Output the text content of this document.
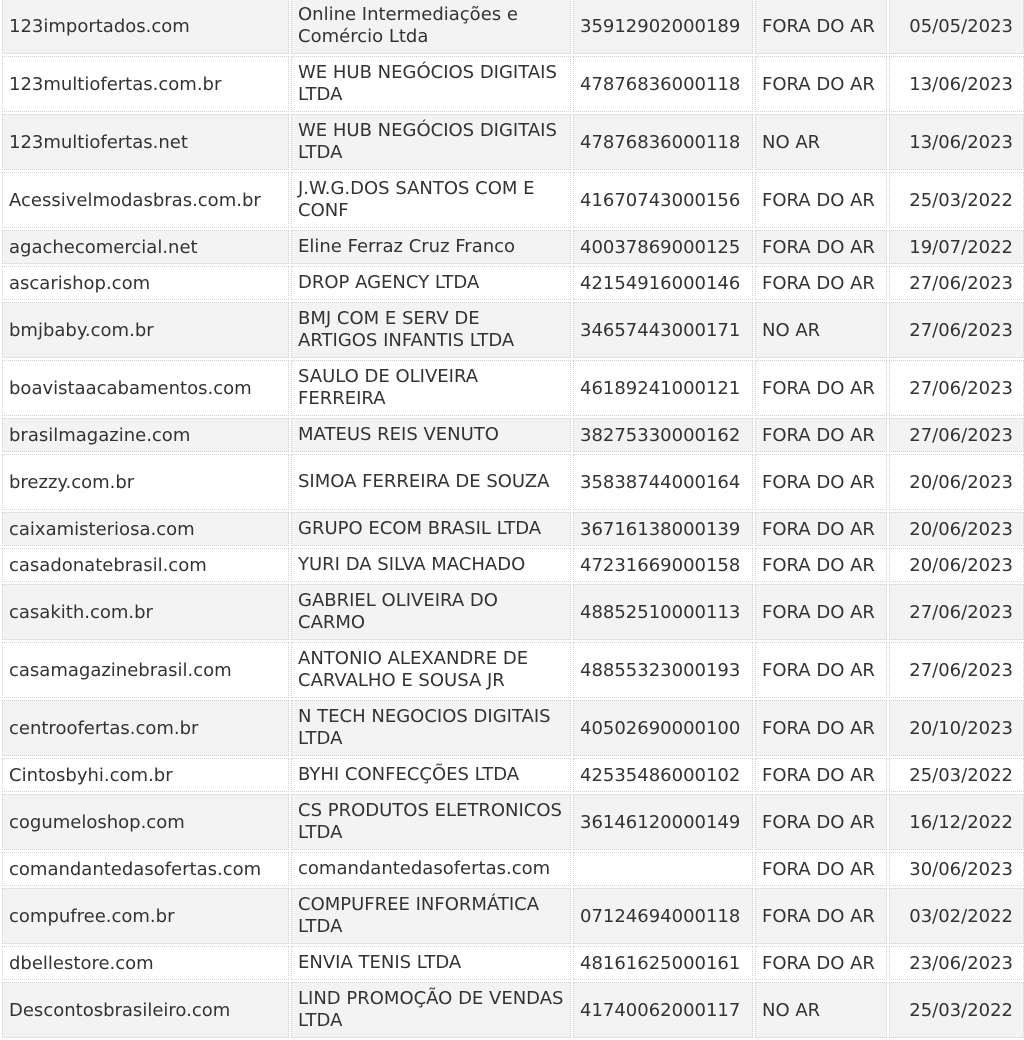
123importados.com	Online Intermediações e Comércio Ltda	35912902000189	FORA DO AR	05/05/2023
123multiofertas.com.br	WE HUB NEGÓCIOS DIGITAIS LTDA	47876836000118	FORA DO AR	13/06/2023
123multiofertas.net	WE HUB NEGÓCIOS DIGITAIS LTDA	47876836000118	NO AR	13/06/2023
Acessivelmodasbras.com.br	J.W.G.DOS SANTOS COM E CONF	41670743000156	FORA DO AR	25/03/2022
agachecomercial.net	Eline Ferraz Cruz Franco	40037869000125	FORA DO AR	19/07/2022
ascarishop.com	DROP AGENCY LTDA	42154916000146	FORA DO AR	27/06/2023
bmjbaby.com.br	BMJ COM E SERV DE ARTIGOS INFANTIS LTDA	34657443000171	NO AR	27/06/2023
boavistaacabamentos.com	SAULO DE OLIVEIRA FERREIRA	46189241000121	FORA DO AR	27/06/2023
brasilmagazine.com	MATEUS REIS VENUTO	38275330000162	FORA DO AR	27/06/2023
brezzy.com.br	SIMOA FERREIRA DE SOUZA	35838744000164	FORA DO AR	20/06/2023
caixamisteriosa.com	GRUPO ECOM BRASIL LTDA	36716138000139	FORA DO AR	20/06/2023
casadonatebrasil.com	YURI DA SILVA MACHADO	47231669000158	FORA DO AR	20/06/2023
casakith.com.br	GABRIEL OLIVEIRA DO CARMO	48852510000113	FORA DO AR	27/06/2023
casamagazinebrasil.com	ANTONIO ALEXANDRE DE CARVALHO E SOUSA JR	48855323000193	FORA DO AR	27/06/2023
centroofertas.com.br	N TECH NEGOCIOS DIGITAIS LTDA	40502690000100	FORA DO AR	20/10/2023
Cintosbyhi.com.br	BYHI CONFECÇÕES LTDA	42535486000102	FORA DO AR	25/03/2022
cogumeloshop.com	CS PRODUTOS ELETRONICOS LTDA	36146120000149	FORA DO AR	16/12/2022
comandantedasofertas.com	comandantedasofertas.com		FORA DO AR	30/06/2023
compufree.com.br	COMPUFREE INFORMÁTICA LTDA	07124694000118	FORA DO AR	03/02/2022
dbellestore.com	ENVIA TENIS LTDA	48161625000161	FORA DO AR	23/06/2023
Descontosbrasileiro.com	LIND PROMOÇÃO DE VENDAS LTDA	41740062000117	NO AR	25/03/2022
